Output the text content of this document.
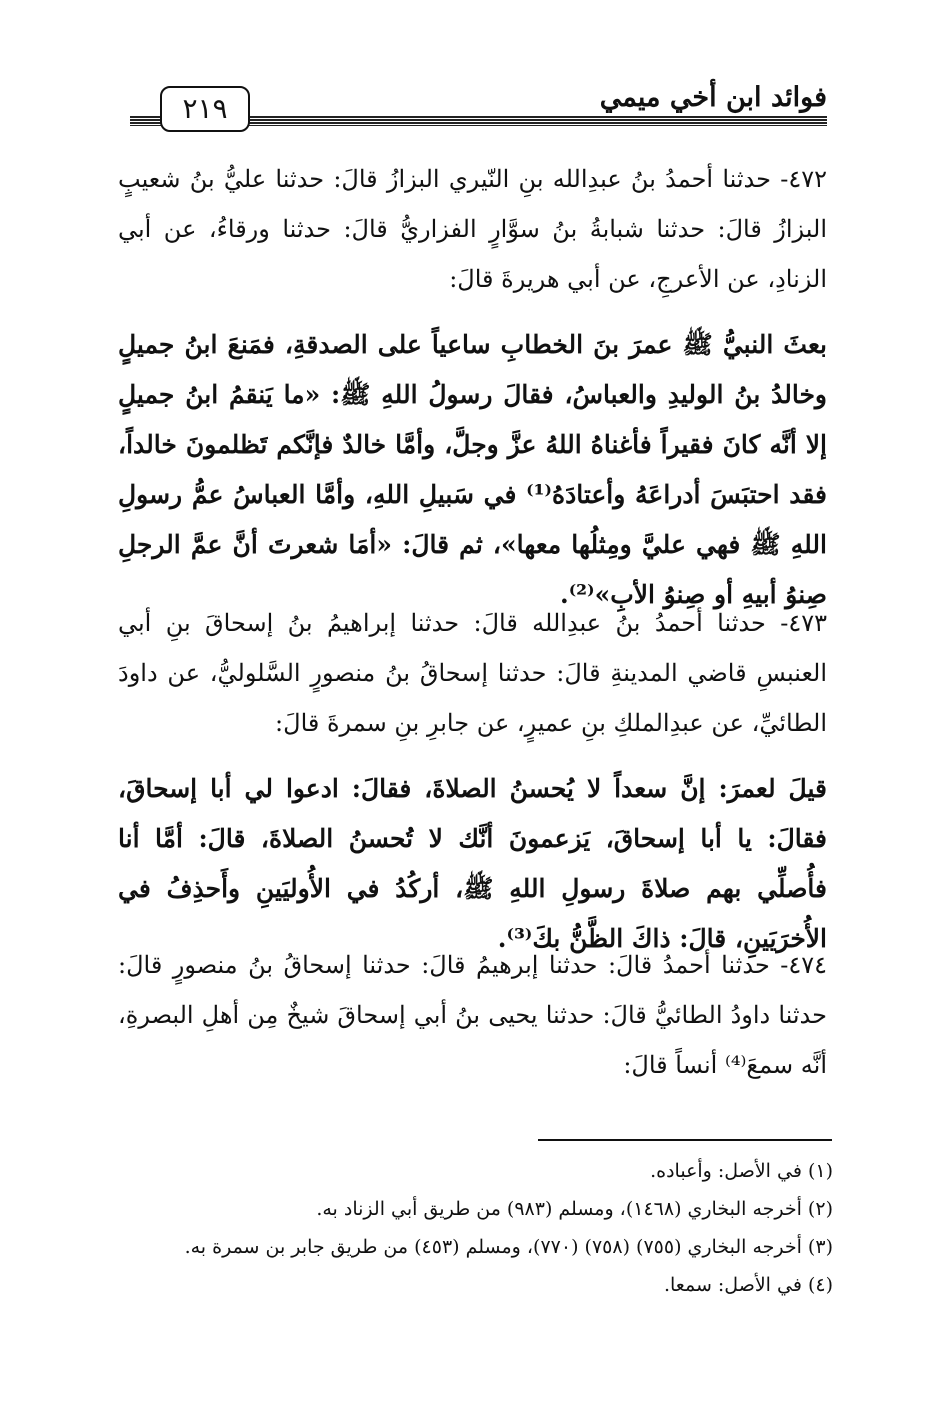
٢١٩	فوائد ابن أخي ميمي

٤٧٢- حدثنا أحمدُ بنُ عبدِالله بنِ النّيري البزازُ قالَ: حدثنا عليُّ بنُ شعيبٍ البزازُ قالَ: حدثنا شبابةُ بنُ سوَّارٍ الفزاريُّ قالَ: حدثنا ورقاءُ، عن أبي الزنادِ، عن الأعرجِ، عن أبي هريرةَ قالَ:

بعثَ النبيُّ ﷺ عمرَ بنَ الخطابِ ساعياً على الصدقةِ، فمَنعَ ابنُ جميلٍ وخالدُ بنُ الوليدِ والعباسُ، فقالَ رسولُ اللهِ ﷺ: «ما يَنقمُ ابنُ جميلٍ إلا أنَّه كانَ فقيراً فأغناهُ اللهُ عزَّ وجلَّ، وأمَّا خالدٌ فإنَّكم تَظلمونَ خالداً، فقد احتبَسَ أدراعَهُ وأعتادَهُ⁽¹⁾ في سَبيلِ اللهِ، وأمَّا العباسُ عمُّ رسولِ اللهِ ﷺ فهي عليَّ ومِثلُها معها»، ثم قالَ: «أمَا شعرتَ أنَّ عمَّ الرجلِ صِنوُ أبيهِ أو صِنوُ الأبِ»⁽²⁾.

٤٧٣- حدثنا أحمدُ بنُ عبدِالله قالَ: حدثنا إبراهيمُ بنُ إسحاقَ بنِ أبي العنبسِ قاضي المدينةِ قالَ: حدثنا إسحاقُ بنُ منصورٍ السَّلوليُّ، عن داودَ الطائيِّ، عن عبدِالملكِ بنِ عميرٍ، عن جابرِ بنِ سمرةَ قالَ:

قيلَ لعمرَ: إنَّ سعداً لا يُحسنُ الصلاةَ، فقالَ: ادعوا لي أبا إسحاقَ، فقالَ: يا أبا إسحاقَ، يَزعمونَ أنَّك لا تُحسنُ الصلاةَ، قالَ: أمَّا أنا فأُصلِّي بهم صلاةَ رسولِ اللهِ ﷺ، أركُدُ في الأُوليَينِ وأَحذِفُ في الأُخرَيَينِ، قالَ: ذاكَ الظَّنُّ بكَ⁽³⁾.

٤٧٤- حدثنا أحمدُ قالَ: حدثنا إبرهيمُ قالَ: حدثنا إسحاقُ بنُ منصورٍ قالَ: حدثنا داودُ الطائيُّ قالَ: حدثنا يحيى بنُ أبي إسحاقَ شيخٌ مِن أهلِ البصرةِ، أنَّه سمعَ⁽⁴⁾ أنساً قالَ:

(١) في الأصل: وأعباده.
(٢) أخرجه البخاري (١٤٦٨)، ومسلم (٩٨٣) من طريق أبي الزناد به.
(٣) أخرجه البخاري (٧٥٥) (٧٥٨) (٧٧٠)، ومسلم (٤٥٣) من طريق جابر بن سمرة به.
(٤) في الأصل: سمعا.
